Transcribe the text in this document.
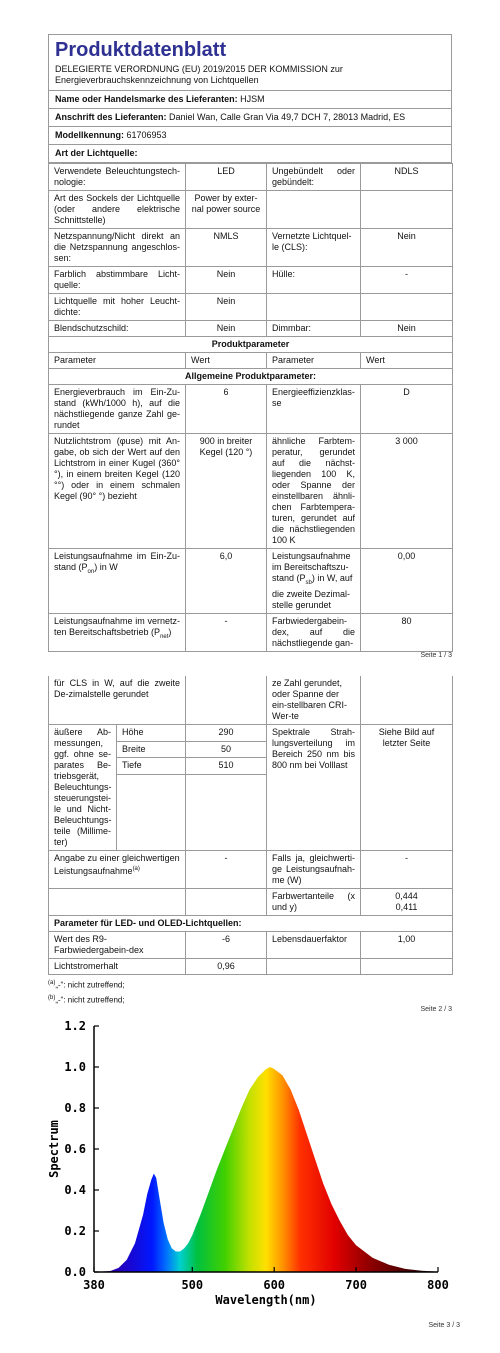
Produktdatenblatt
DELEGIERTE VERORDNUNG (EU) 2019/2015 DER KOMMISSION zur
Energieverbrauchskennzeichnung von Lichtquellen
Name oder Handelsmarke des Lieferanten: HJSM
Anschrift des Lieferanten: Daniel Wan, Calle Gran Via 49,7 DCH 7, 28013 Madrid, ES
Modellkennung: 61706953
Art der Lichtquelle:
Verwendete Beleuchtungstech-nologie:	LED	Ungebündelt oder gebündelt:	NDLS
Art des Sockels der Lichtquelle (oder andere elektrische Schnittstelle)	Power by exter-nal power source		
Netzspannung/Nicht direkt an die Netzspannung angeschlos-sen:	NMLS	Vernetzte Lichtquel-le (CLS):	Nein
Farblich abstimmbare Licht-quelle:	Nein	Hülle:	-
Lichtquelle mit hoher Leucht-dichte:	Nein		
Blendschutzschild:	Nein	Dimmbar:	Nein
Produktparameter			
Parameter	Wert	Parameter	Wert
Allgemeine Produktparameter:			
Energieverbrauch im Ein-Zu-stand (kWh/1000 h), auf die nächstliegende ganze Zahl ge-rundet	6	Energieeffizienzklas-se	D
Nutzlichtstrom (φuse) mit An-gabe, ob sich der Wert auf den Lichtstrom in einer Kugel (360° °), in einem breiten Kegel (120 °°) oder in einem schmalen Kegel (90° °) bezieht	900 in breiter Kegel (120 °)	ähnliche Farbtem-peratur, gerundet auf die nächst-liegenden 100 K, oder Spanne der einstellbaren ähnli-chen Farbtempera-turen, gerundet auf die nächstliegenden 100 K	3 000
Leistungsaufnahme im Ein-Zu-stand $(P_{on})$ in W	6,0	Leistungsaufnahme im Bereitschaftszu-stand $(P_{sb})$ in W, auf die zweite Dezimal-stelle gerundet	0,00
Leistungsaufnahme im vernetz-ten Bereitschaftsbetrieb $(P_{net})$	-	Farbwiedergabein-dex, auf die nächstliegende gan-	80
Seite 1 / 3
für CLS in W, auf die zweite De-zimalstelle gerundet			ze Zahl gerundet, oder Spanne der ein-stellbaren CRI-Wer-te	
äußere Ab-messungen, ggf. ohne se-parates Be-triebsgerät, Beleuchtungs-steuerungstei-le und Nicht-Beleuchtungs-teile (Millime-ter)	Höhe	290	Spektrale Strah-lungsverteilung im Bereich 250 nm bis 800 nm bei Volllast	Siehe Bild auf letzter Seite
	Breite	50		
	Tiefe	510		

Angabe zu einer gleichwertigen Leistungsaufnahme$^{(a)}$		-	Falls ja, gleichwerti-ge Leistungsaufnah-me (W)	-
			Farbwertanteile (x und y)	0,444
0,411

Parameter für LED- und OLED-Lichtquellen:				
Wert des R9-Farbwiedergabein-dex		-6	Lebensdauerfaktor	1,00
Lichtstromerhalt		0,96		
$^{(a)}$„-“: nicht zutreffend;
$^{(b)}$„-“: nicht zutreffend;
Seite 2 / 3
0.0
0.2
0.4
0.6
0.8
1.0
1.2
380	500	600	700	800
Wavelength(nm)
Spectrum
Seite 3 / 3
